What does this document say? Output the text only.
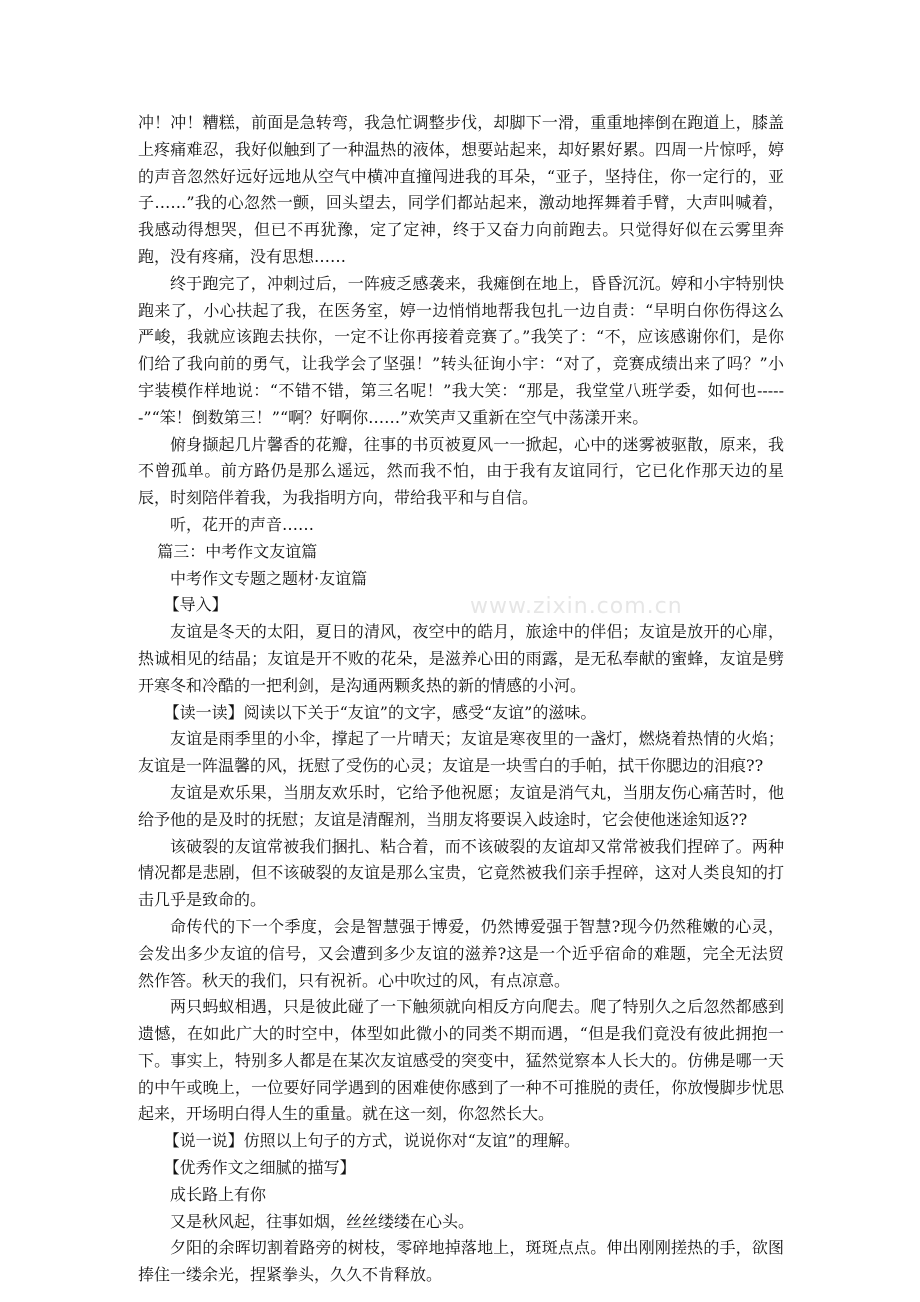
冲！冲！糟糕，前面是急转弯，我急忙调整步伐，却脚下一滑，重重地摔倒在跑道上，膝盖上疼痛难忍，我好似触到了一种温热的液体，想要站起来，却好累好累。四周一片惊呼，婷的声音忽然好远好远地从空气中横冲直撞闯进我的耳朵，“亚子，坚持住，你一定行的，亚子……”我的心忽然一颤，回头望去，同学们都站起来，激动地挥舞着手臂，大声叫喊着，我感动得想哭，但已不再犹豫，定了定神，终于又奋力向前跑去。只觉得好似在云雾里奔跑，没有疼痛，没有思想……

终于跑完了，冲刺过后，一阵疲乏感袭来，我瘫倒在地上，昏昏沉沉。婷和小宇特别快跑来了，小心扶起了我，在医务室，婷一边悄悄地帮我包扎一边自责：“早明白你伤得这么严峻，我就应该跑去扶你，一定不让你再接着竞赛了。”我笑了：“不，应该感谢你们，是你们给了我向前的勇气，让我学会了坚强！”转头征询小宇：“对了，竞赛成绩出来了吗？”小宇装模作样地说：“不错不错，第三名呢！”我大笑：“那是，我堂堂八班学委，如何也------”“笨！倒数第三！”“啊？好啊你……”欢笑声又重新在空气中荡漾开来。

俯身撷起几片馨香的花瓣，往事的书页被夏风一一掀起，心中的迷雾被驱散，原来，我不曾孤单。前方路仍是那么遥远，然而我不怕，由于我有友谊同行，它已化作那天边的星辰，时刻陪伴着我，为我指明方向，带给我平和与自信。

听，花开的声音……

篇三：中考作文友谊篇

中考作文专题之题材·友谊篇

【导入】

友谊是冬天的太阳，夏日的清风，夜空中的皓月，旅途中的伴侣；友谊是放开的心扉，热诚相见的结晶；友谊是开不败的花朵，是滋养心田的雨露，是无私奉献的蜜蜂，友谊是劈开寒冬和冷酷的一把利剑，是沟通两颗炙热的新的情感的小河。

【读一读】阅读以下关于“友谊”的文字，感受“友谊”的滋味。

友谊是雨季里的小伞，撑起了一片晴天；友谊是寒夜里的一盏灯，燃烧着热情的火焰；友谊是一阵温馨的风，抚慰了受伤的心灵；友谊是一块雪白的手帕，拭干你腮边的泪痕??

友谊是欢乐果，当朋友欢乐时，它给予他祝愿；友谊是消气丸，当朋友伤心痛苦时，他给予他的是及时的抚慰；友谊是清醒剂，当朋友将要误入歧途时，它会使他迷途知返??

该破裂的友谊常被我们捆扎、粘合着，而不该破裂的友谊却又常常被我们捏碎了。两种情况都是悲剧，但不该破裂的友谊是那么宝贵，它竟然被我们亲手捏碎，这对人类良知的打击几乎是致命的。

命传代的下一个季度，会是智慧强于博爱，仍然博爱强于智慧?现今仍然稚嫩的心灵，会发出多少友谊的信号，又会遭到多少友谊的滋养?这是一个近乎宿命的难题，完全无法贸然作答。秋天的我们，只有祝祈。心中吹过的风，有点凉意。

两只蚂蚁相遇，只是彼此碰了一下触须就向相反方向爬去。爬了特别久之后忽然都感到遗憾，在如此广大的时空中，体型如此微小的同类不期而遇，“但是我们竟没有彼此拥抱一下。事实上，特别多人都是在某次友谊感受的突变中，猛然觉察本人长大的。仿佛是哪一天的中午或晚上，一位要好同学遇到的困难使你感到了一种不可推脱的责任，你放慢脚步忧思起来，开场明白得人生的重量。就在这一刻，你忽然长大。

【说一说】仿照以上句子的方式，说说你对“友谊”的理解。

【优秀作文之细腻的描写】

成长路上有你

又是秋风起，往事如烟，丝丝缕缕在心头。

夕阳的余晖切割着路旁的树枝，零碎地掉落地上，斑斑点点。伸出刚刚搓热的手，欲图捧住一缕余光，捏紧拳头，久久不肯释放。

www.zixin.com.cn
